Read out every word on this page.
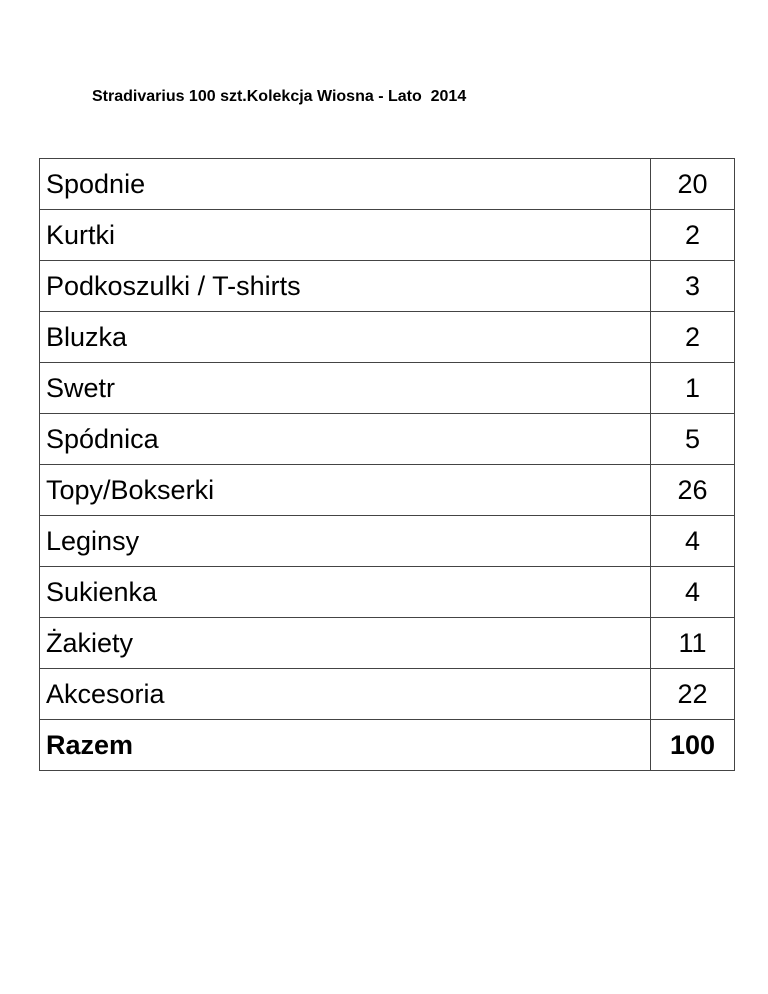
Stradivarius 100 szt.Kolekcja Wiosna - Lato  2014
Spodnie	20
Kurtki	2
Podkoszulki / T-shirts	3
Bluzka	2
Swetr	1
Spódnica	5
Topy/Bokserki	26
Leginsy	4
Sukienka	4
Żakiety	11
Akcesoria	22
Razem	100
